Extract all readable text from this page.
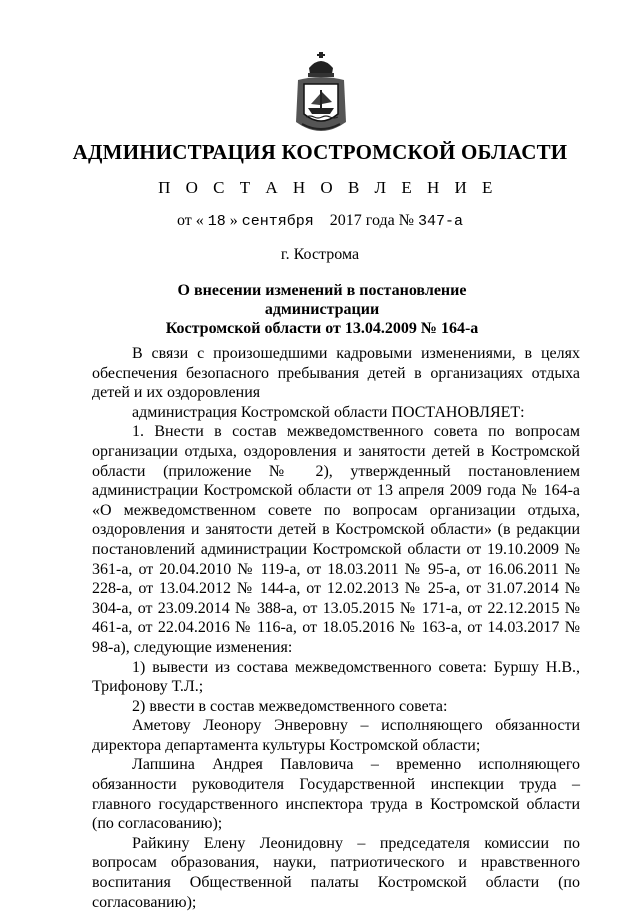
АДМИНИСТРАЦИЯ КОСТРОМСКОЙ ОБЛАСТИ
П О С Т А Н О В Л Е Н И Е
от « 18 » сентября 2017 года № 347-а
г. Кострома
О внесении изменений в постановление администрации
Костромской области от 13.04.2009 № 164-а

В связи с произошедшими кадровыми изменениями, в целях обеспечения безопасного пребывания детей в организациях отдыха детей и их оздоровления

администрация Костромской области ПОСТАНОВЛЯЕТ:

1. Внести в состав межведомственного совета по вопросам организации отдыха, оздоровления и занятости детей в Костромской области (приложение № 2), утвержденный постановлением администрации Костромской области от 13 апреля 2009 года № 164-а «О межведомственном совете по вопросам организации отдыха, оздоровления и занятости детей в Костромской области» (в редакции постановлений администрации Костромской области от 19.10.2009 № 361-а, от 20.04.2010 № 119-а, от 18.03.2011 № 95-а, от 16.06.2011 № 228-а, от 13.04.2012 № 144-а, от 12.02.2013 № 25-а, от 31.07.2014 № 304-а, от 23.09.2014 № 388-а, от 13.05.2015 № 171-а, от 22.12.2015 № 461-а, от 22.04.2016 № 116-а, от 18.05.2016 № 163-а, от 14.03.2017 № 98-а), следующие изменения:

1) вывести из состава межведомственного совета: Буршу Н.В., Трифонову Т.Л.;

2) ввести в состав межведомственного совета:

Аметову Леонору Энверовну – исполняющего обязанности директора департамента культуры Костромской области;

Лапшина Андрея Павловича – временно исполняющего обязанности руководителя Государственной инспекции труда – главного государственного инспектора труда в Костромской области (по согласованию);

Райкину Елену Леонидовну – председателя комиссии по вопросам образования, науки, патриотического и нравственного воспитания Общественной палаты Костромской области (по согласованию);
